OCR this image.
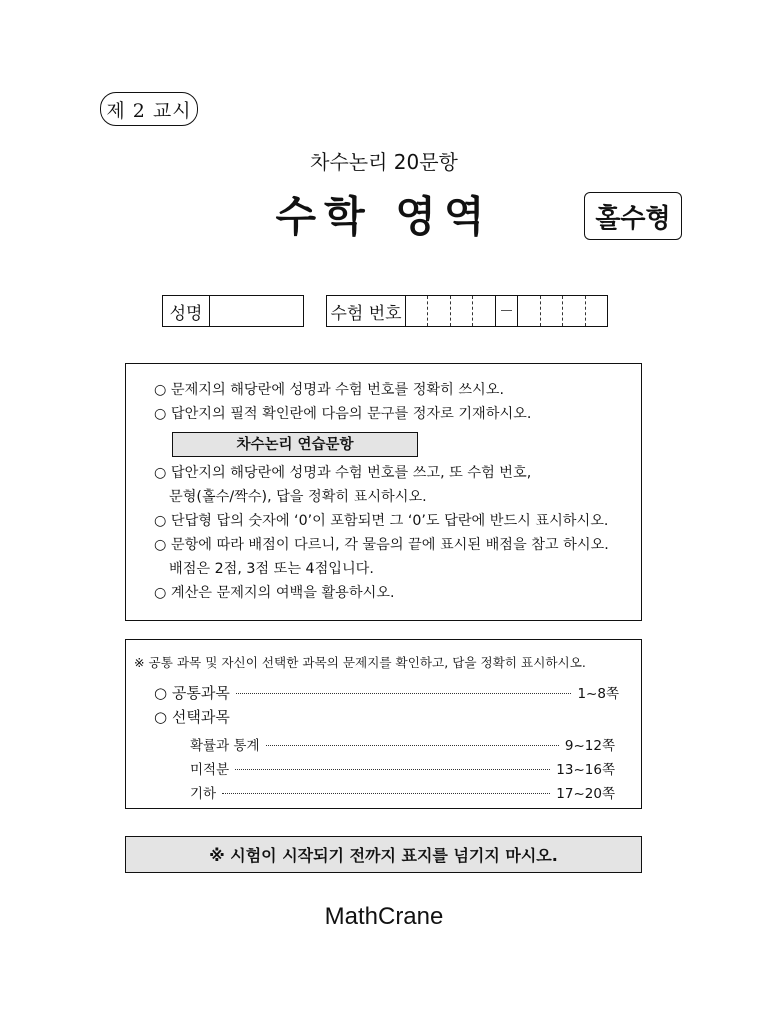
제 2 교시
차수논리 20문항
수학 영역	홀수형
성명	수험 번호
○ 문제지의 해당란에 성명과 수험 번호를 정확히 쓰시오.
○ 답안지의 필적 확인란에 다음의 문구를 정자로 기재하시오.
차수논리 연습문항
○ 답안지의 해당란에 성명과 수험 번호를 쓰고, 또 수험 번호,
문형(홀수/짝수), 답을 정확히 표시하시오.
○ 단답형 답의 숫자에 ‘0’이 포함되면 그 ‘0’도 답란에 반드시 표시하시오.
○ 문항에 따라 배점이 다르니, 각 물음의 끝에 표시된 배점을 참고 하시오.
배점은 2점, 3점 또는 4점입니다.
○ 계산은 문제지의 여백을 활용하시오.
※ 공통 과목 및 자신이 선택한 과목의 문제지를 확인하고, 답을 정확히 표시하시오.
○ 공통과목	1~8쪽
○ 선택과목
확률과 통계	9~12쪽
미적분	13~16쪽
기하	17~20쪽
※ 시험이 시작되기 전까지 표지를 넘기지 마시오.
MathCrane
